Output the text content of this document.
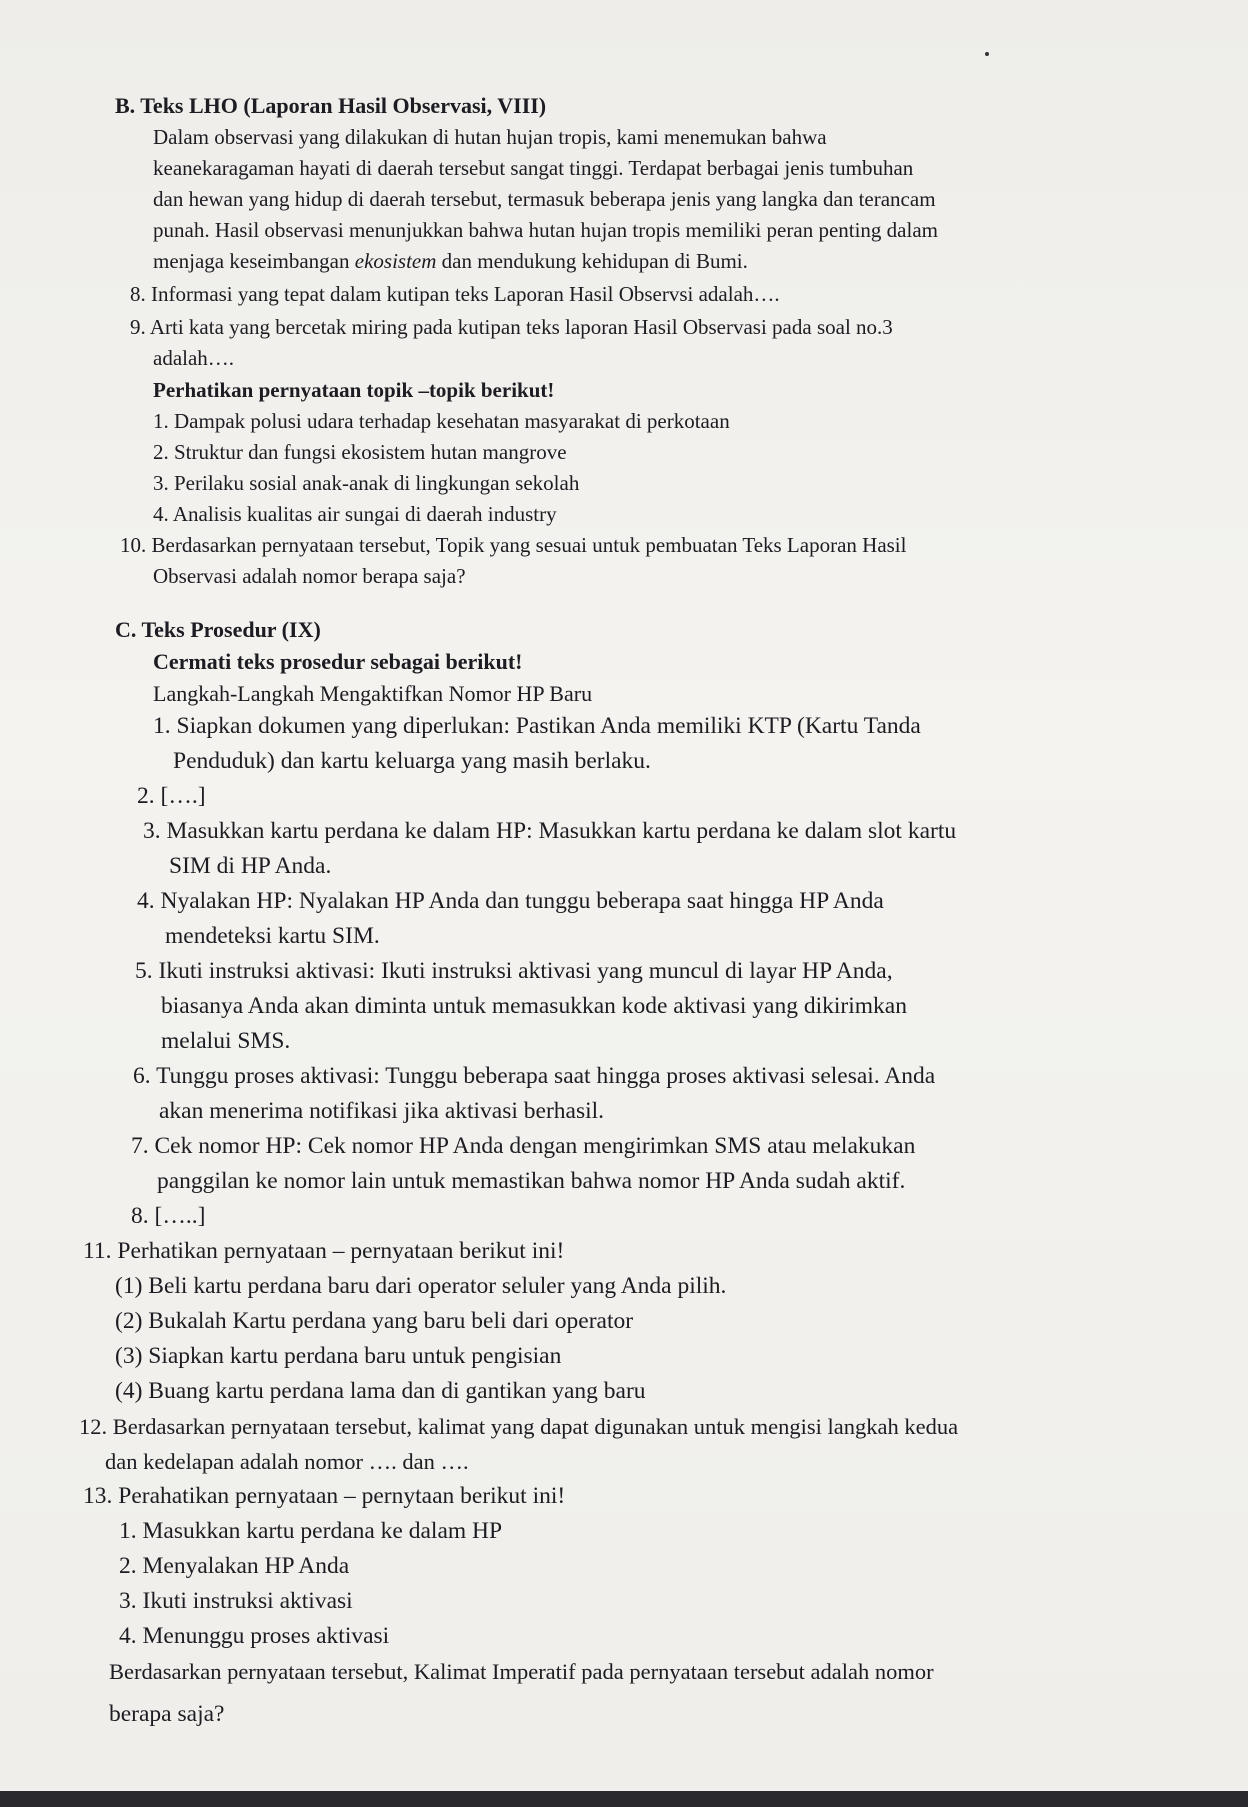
B. Teks LHO (Laporan Hasil Observasi, VIII)
Dalam observasi yang dilakukan di hutan hujan tropis, kami menemukan bahwa
keanekaragaman hayati di daerah tersebut sangat tinggi. Terdapat berbagai jenis tumbuhan
dan hewan yang hidup di daerah tersebut, termasuk beberapa jenis yang langka dan terancam
punah. Hasil observasi menunjukkan bahwa hutan hujan tropis memiliki peran penting dalam
menjaga keseimbangan ekosistem dan mendukung kehidupan di Bumi.
8. Informasi yang tepat dalam kutipan teks Laporan Hasil Observsi adalah….
9. Arti kata yang bercetak miring pada kutipan teks laporan Hasil Observasi pada soal no.3
adalah….
Perhatikan pernyataan topik –topik berikut!
1. Dampak polusi udara terhadap kesehatan masyarakat di perkotaan
2. Struktur dan fungsi ekosistem hutan mangrove
3. Perilaku sosial anak-anak di lingkungan sekolah
4. Analisis kualitas air sungai di daerah industry
10. Berdasarkan pernyataan tersebut, Topik yang sesuai untuk pembuatan Teks Laporan Hasil
Observasi adalah nomor berapa saja?
C. Teks Prosedur (IX)
Cermati teks prosedur sebagai berikut!
Langkah-Langkah Mengaktifkan Nomor HP Baru
1. Siapkan dokumen yang diperlukan: Pastikan Anda memiliki KTP (Kartu Tanda
Penduduk) dan kartu keluarga yang masih berlaku.
2. [….]
3. Masukkan kartu perdana ke dalam HP: Masukkan kartu perdana ke dalam slot kartu
SIM di HP Anda.
4. Nyalakan HP: Nyalakan HP Anda dan tunggu beberapa saat hingga HP Anda
mendeteksi kartu SIM.
5. Ikuti instruksi aktivasi: Ikuti instruksi aktivasi yang muncul di layar HP Anda,
biasanya Anda akan diminta untuk memasukkan kode aktivasi yang dikirimkan
melalui SMS.
6. Tunggu proses aktivasi: Tunggu beberapa saat hingga proses aktivasi selesai. Anda
akan menerima notifikasi jika aktivasi berhasil.
7. Cek nomor HP: Cek nomor HP Anda dengan mengirimkan SMS atau melakukan
panggilan ke nomor lain untuk memastikan bahwa nomor HP Anda sudah aktif.
8. […..]
11. Perhatikan pernyataan – pernyataan berikut ini!
(1) Beli kartu perdana baru dari operator seluler yang Anda pilih.
(2) Bukalah Kartu perdana yang baru beli dari operator
(3) Siapkan kartu perdana baru untuk pengisian
(4) Buang kartu perdana lama dan di gantikan yang baru
12. Berdasarkan pernyataan tersebut, kalimat yang dapat digunakan untuk mengisi langkah kedua
dan kedelapan adalah nomor …. dan ….
13. Perahatikan pernyataan – pernytaan berikut ini!
1. Masukkan kartu perdana ke dalam HP
2. Menyalakan HP Anda
3. Ikuti instruksi aktivasi
4. Menunggu proses aktivasi
Berdasarkan pernyataan tersebut, Kalimat Imperatif pada pernyataan tersebut adalah nomor
berapa saja?
